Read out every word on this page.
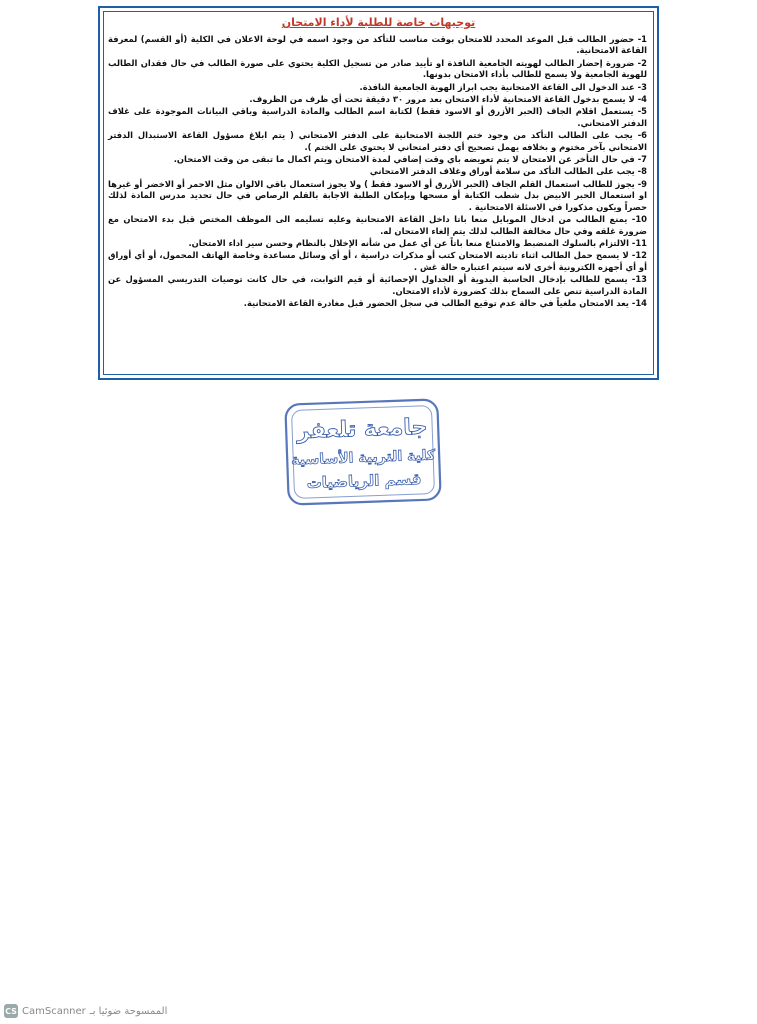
توجيهات خاصة للطلبة لأداء الامتحان

1- حضور الطالب قبل الموعد المحدد للامتحان بوقت مناسب للتأكد من وجود اسمه في لوحة الاعلان في الكلية (أو القسم) لمعرفة القاعة الامتحانية.

2- ضرورة إحضار الطالب لهويته الجامعية النافذة او تأييد صادر من تسجيل الكلية يحتوي على صورة الطالب في حال فقدان الطالب للهوية الجامعية ولا يسمح للطالب بأداء الامتحان بدونها.

3- عند الدخول الى القاعة الامتحانية يجب ابراز الهوية الجامعية النافذة.

4- لا يسمح بدخول القاعة الامتحانية لأداء الامتحان بعد مرور ٣٠ دقيقة تحت أي ظرف من الظروف.

5- يستعمل اقلام الجاف (الحبر الأزرق أو الاسود فقط) لكتابة اسم الطالب والمادة الدراسية وباقي البيانات الموجودة على غلاف الدفتر الامتحاني.

6- يجب على الطالب التأكد من وجود ختم اللجنة الامتحانية على الدفتر الامتحاني ( يتم ابلاغ مسؤول القاعة الاستبدال الدفتر الامتحاني بآخر مختوم و بخلافه يهمل تصحيح أي دفتر امتحاني لا يحتوي على الختم ).

7- في حال التأخر عن الامتحان لا يتم تعويضه باي وقت إضافي لمدة الامتحان ويتم اكمال ما تبقى من وقت الامتحان.

8- يجب على الطالب التأكد من سلامة أوراق وغلاف الدفتر الامتحاني

9- يجوز للطالب استعمال القلم الجاف (الحبر الأزرق أو الاسود فقط ) ولا يجوز استعمال باقي الالوان مثل الاحمر أو الاخضر أو غيرها او استعمال الحبر الابيض بدل شطب الكتابة أو مسحها وبإمكان الطلبة الاجابة بالقلم الرصاص في حال تحديد مدرس المادة لذلك حصراً ويكون مذكورا في الاسئلة الامتحانية .

10- يمنع الطالب من ادخال الموبايل منعا باتا داخل القاعة الامتحانية وعليه تسليمه الى الموظف المختص قبل بدء الامتحان مع ضرورة غلقه وفي حال مخالفة الطالب لذلك يتم إلغاء الامتحان له.

11- الالتزام بالسلوك المنضبط والامتناع منعا باتاً عن أي عمل من شأنه الإخلال بالنظام وحسن سير اداء الامتحان.

12- لا يسمح حمل الطالب اثناء تاديته الامتحان كتب أو مذكرات دراسية ، أو أي وسائل مساعدة وخاصة الهاتف المحمول، أو أي أوراق أو أي أجهزه الكترونية أخرى لانه سيتم اعتباره حالة غش .

13- يسمح للطالب بإدخال الحاسبة اليدوية أو الجداول الإحصائية أو قيم الثوابت، في حال كانت توصيات التدريسي المسؤول عن المادة الدراسية تنص على السماح بذلك كضرورة لأداء الامتحان.

14- يعد الامتحان ملغياً في حالة عدم توقيع الطالب في سجل الحضور قبل مغادرة القاعة الامتحانية.

جامعة تلعفر
كلية التربية الأساسية
قسم الرياضيات
CS CamScanner الممسوحة ضوئيا بـ
